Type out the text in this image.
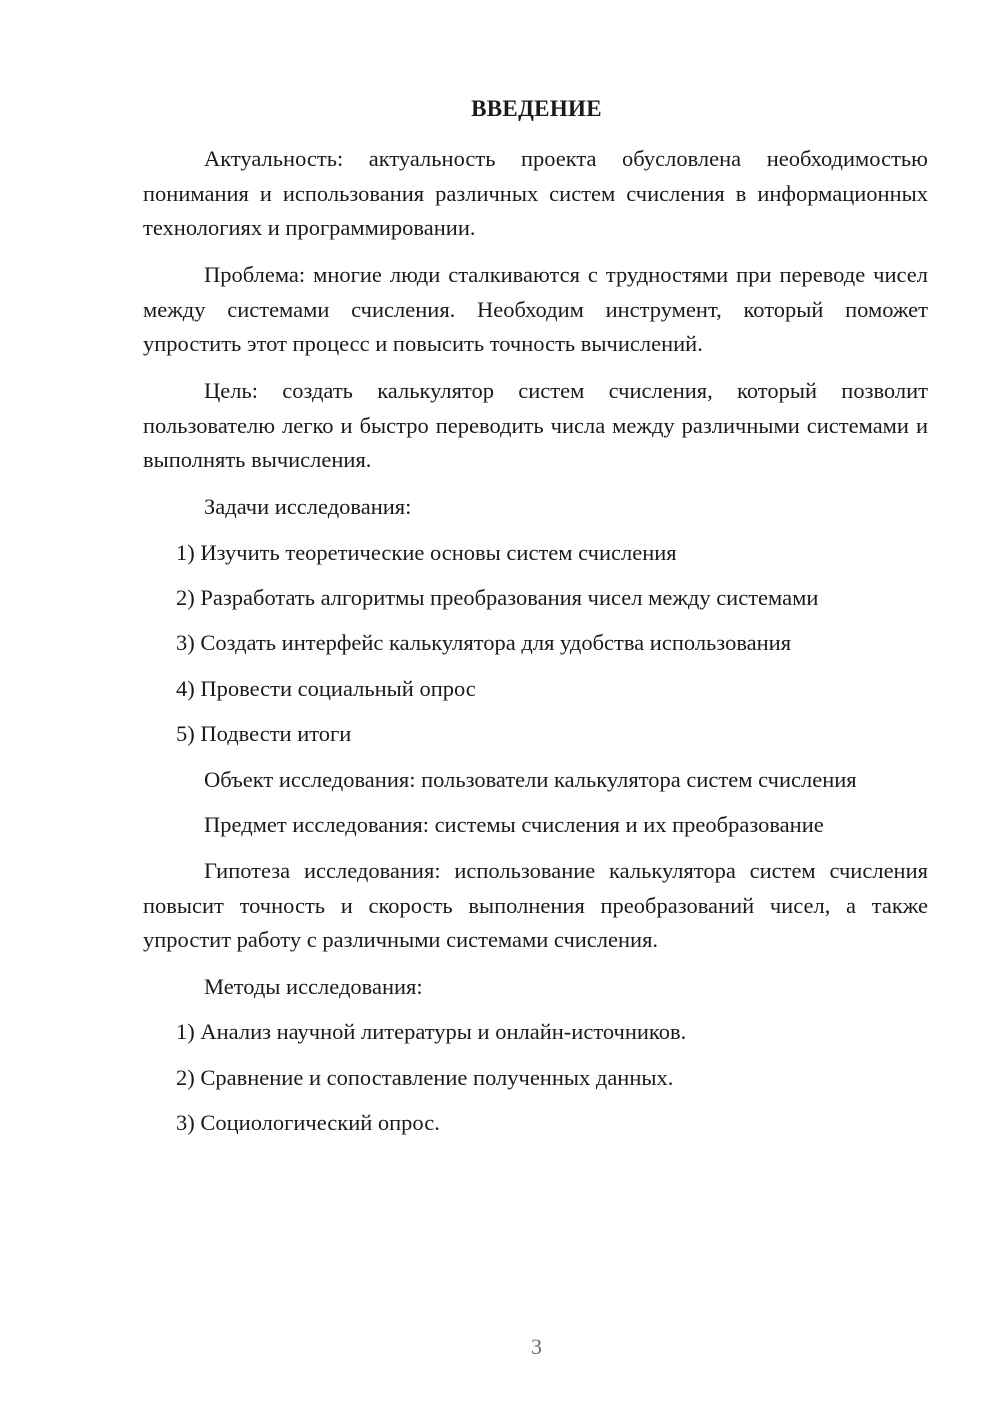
ВВЕДЕНИЕ

Актуальность: актуальность проекта обусловлена необходимостью понимания и использования различных систем счисления в информационных технологиях и программировании.

Проблема: многие люди сталкиваются с трудностями при переводе чисел между системами счисления. Необходим инструмент, который поможет упростить этот процесс и повысить точность вычислений.

Цель: создать калькулятор систем счисления, который позволит пользователю легко и быстро переводить числа между различными системами и выполнять вычисления.

Задачи исследования:

1) Изучить теоретические основы систем счисления

2) Разработать алгоритмы преобразования чисел между системами

3) Создать интерфейс калькулятора для удобства использования

4) Провести социальный опрос

5) Подвести итоги

Объект исследования: пользователи калькулятора систем счисления

Предмет исследования: системы счисления и их преобразование

Гипотеза исследования: использование калькулятора систем счисления повысит точность и скорость выполнения преобразований чисел, а также упростит работу с различными системами счисления.

Методы исследования:

1) Анализ научной литературы и онлайн-источников.

2) Сравнение и сопоставление полученных данных.

3) Социологический опрос.

3
